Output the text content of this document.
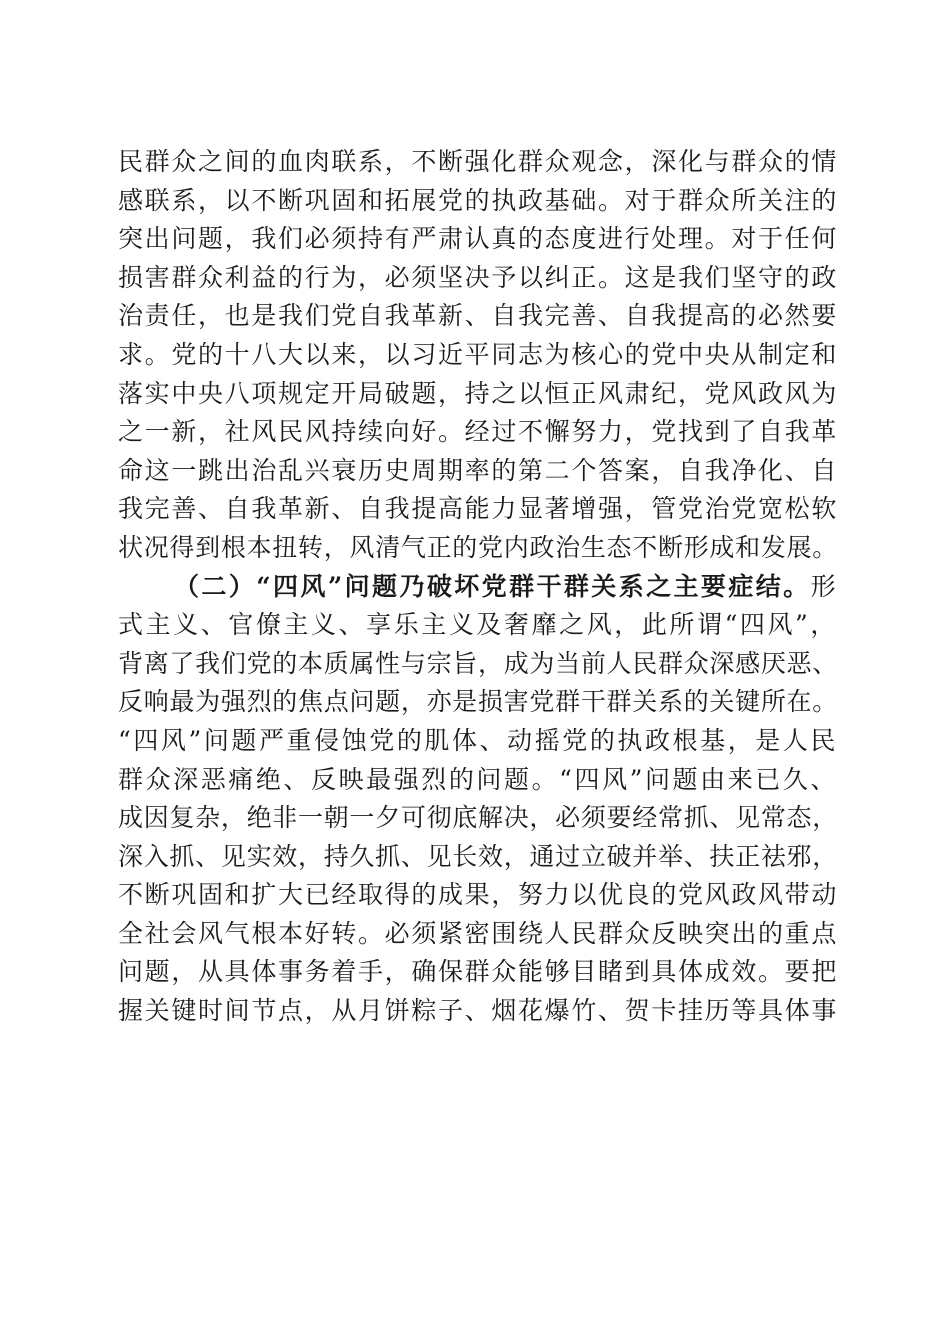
民群众之间的血肉联系，不断强化群众观念，深化与群众的情
感联系，以不断巩固和拓展党的执政基础。对于群众所关注的
突出问题，我们必须持有严肃认真的态度进行处理。对于任何
损害群众利益的行为，必须坚决予以纠正。这是我们坚守的政
治责任，也是我们党自我革新、自我完善、自我提高的必然要
求。党的十八大以来，以习近平同志为核心的党中央从制定和
落实中央八项规定开局破题，持之以恒正风肃纪，党风政风为
之一新，社风民风持续向好。经过不懈努力，党找到了自我革
命这一跳出治乱兴衰历史周期率的第二个答案，自我净化、自
我完善、自我革新、自我提高能力显著增强，管党治党宽松软
状况得到根本扭转，风清气正的党内政治生态不断形成和发展。
（二）“四风”问题乃破坏党群干群关系之主要症结。 形
式主义、官僚主义、享乐主义及奢靡之风，此所谓“四风”，
背离了我们党的本质属性与宗旨，成为当前人民群众深感厌恶、
反响最为强烈的焦点问题，亦是损害党群干群关系的关键所在。
“四风”问题严重侵蚀党的肌体、动摇党的执政根基，是人民
群众深恶痛绝、反映最强烈的问题。“四风”问题由来已久、
成因复杂，绝非一朝一夕可彻底解决，必须要经常抓、见常态，
深入抓、见实效，持久抓、见长效，通过立破并举、扶正祛邪，
不断巩固和扩大已经取得的成果，努力以优良的党风政风带动
全社会风气根本好转。必须紧密围绕人民群众反映突出的重点
问题，从具体事务着手，确保群众能够目睹到具体成效。要把
握关键时间节点，从月饼粽子、烟花爆竹、贺卡挂历等具体事
